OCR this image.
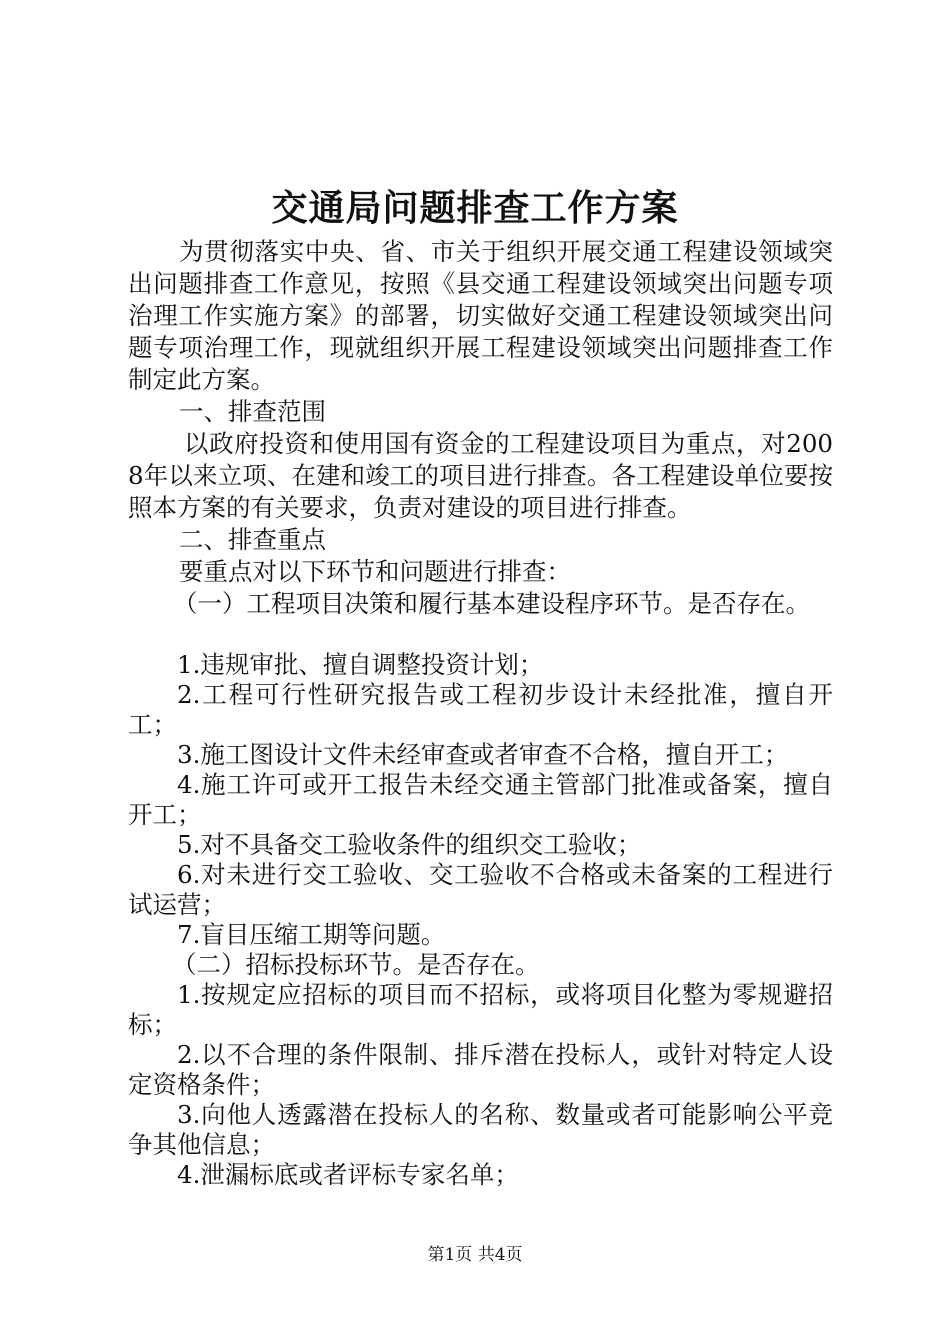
交通局问题排查工作方案

为贯彻落实中央、省、市关于组织开展交通工程建设领域突出问题排查工作意见，按照《县交通工程建设领域突出问题专项治理工作实施方案》的部署，切实做好交通工程建设领域突出问题专项治理工作，现就组织开展工程建设领域突出问题排查工作制定此方案。

一、排查范围

以政府投资和使用国有资金的工程建设项目为重点，对2008年以来立项、在建和竣工的项目进行排查。各工程建设单位要按照本方案的有关要求，负责对建设的项目进行排查。

二、排查重点

要重点对以下环节和问题进行排查：

（一）工程项目决策和履行基本建设程序环节。是否存在。

1.违规审批、擅自调整投资计划；

2.工程可行性研究报告或工程初步设计未经批准，擅自开工；

3.施工图设计文件未经审查或者审查不合格，擅自开工；

4.施工许可或开工报告未经交通主管部门批准或备案，擅自开工；

5.对不具备交工验收条件的组织交工验收；

6.对未进行交工验收、交工验收不合格或未备案的工程进行试运营；

7.盲目压缩工期等问题。

（二）招标投标环节。是否存在。

1.按规定应招标的项目而不招标，或将项目化整为零规避招标；

2.以不合理的条件限制、排斥潜在投标人，或针对特定人设定资格条件；

3.向他人透露潜在投标人的名称、数量或者可能影响公平竞争其他信息；

4.泄漏标底或者评标专家名单；

第1页 共4页
